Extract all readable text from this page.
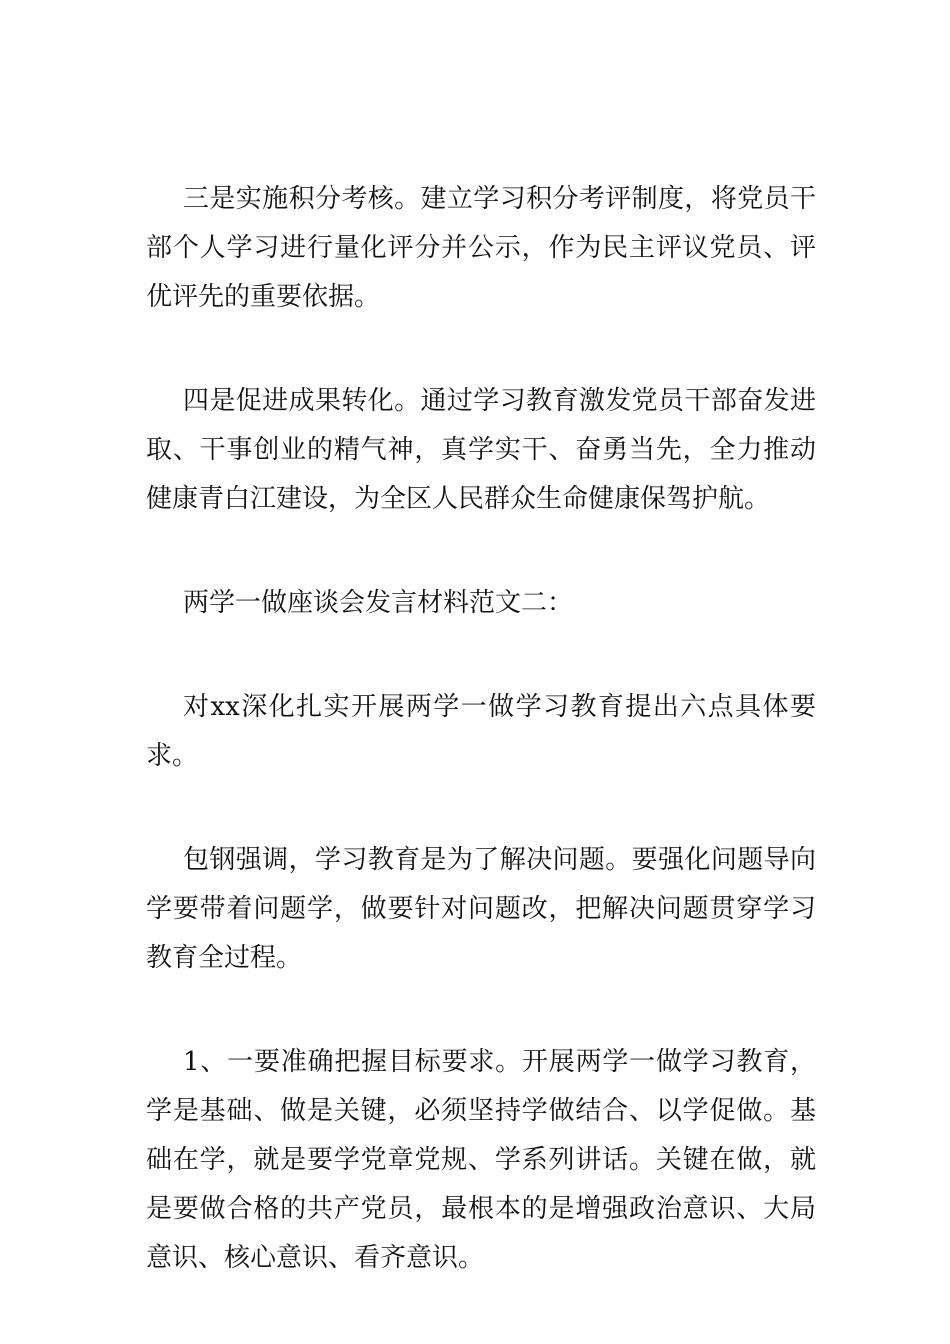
三是实施积分考核。建立学习积分考评制度，将党员干部个人学习进行量化评分并公示，作为民主评议党员、评优评先的重要依据。

四是促进成果转化。通过学习教育激发党员干部奋发进取、干事创业的精气神，真学实干、奋勇当先，全力推动健康青白江建设，为全区人民群众生命健康保驾护航。

两学一做座谈会发言材料范文二：

对xx深化扎实开展两学一做学习教育提出六点具体要求。

包钢强调，学习教育是为了解决问题。要强化问题导向学要带着问题学，做要针对问题改，把解决问题贯穿学习教育全过程。

1、一要准确把握目标要求。开展两学一做学习教育，学是基础、做是关键，必须坚持学做结合、以学促做。基础在学，就是要学党章党规、学系列讲话。关键在做，就是要做合格的共产党员，最根本的是增强政治意识、大局意识、核心意识、看齐意识。
